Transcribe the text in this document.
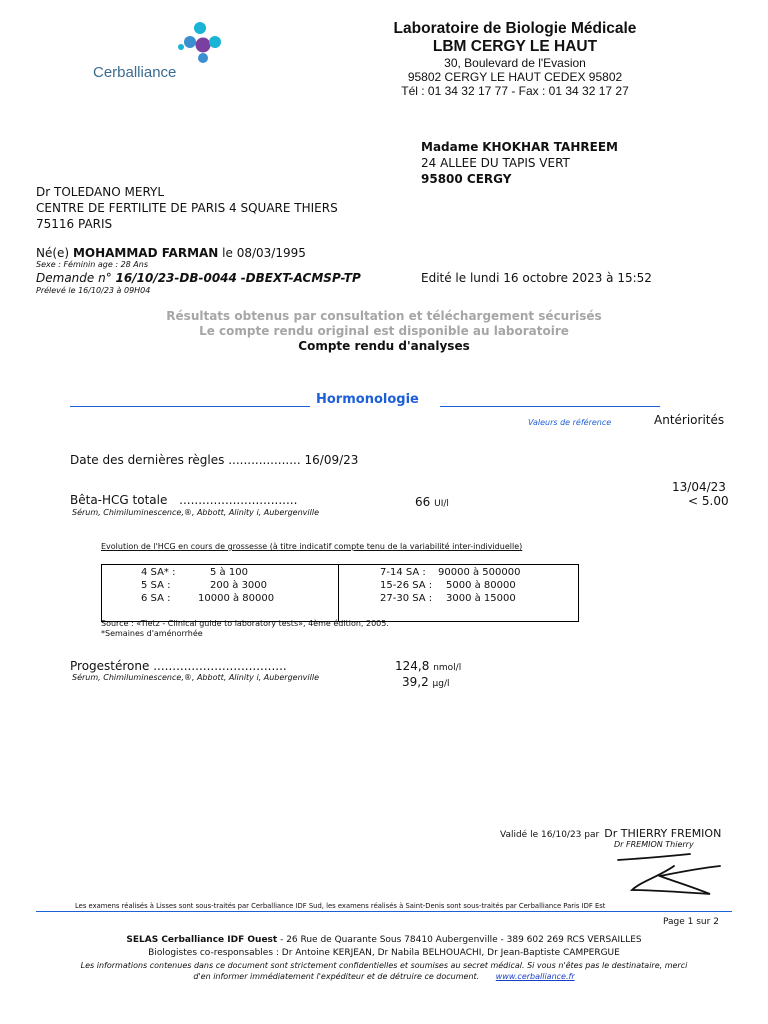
Cerballiance
Laboratoire de Biologie Médicale
LBM CERGY LE HAUT
30, Boulevard de l'Evasion
95802 CERGY LE HAUT CEDEX 95802
Tél : 01 34 32 17 77 - Fax : 01 34 32 17 27
Madame KHOKHAR TAHREEM
24 ALLEE DU TAPIS VERT
95800 CERGY
Dr TOLEDANO MERYL
CENTRE DE FERTILITE DE PARIS 4 SQUARE THIERS
75116 PARIS
Né(e) MOHAMMAD FARMAN le 08/03/1995
Sexe : Féminin age : 28 Ans
Demande n° 16/10/23-DB-0044 -DBEXT-ACMSP-TP	Edité le lundi 16 octobre 2023 à 15:52
Prélevé le 16/10/23 à 09H04
Résultats obtenus par consultation et téléchargement sécurisés
Le compte rendu original est disponible au laboratoire
Compte rendu d'analyses
Hormonologie
Valeurs de référence	Antériorités
Date des dernières règles ................... 16/09/23
13/04/23
Bêta-HCG totale ...............................	66 UI/l	< 5.00
Sérum, Chimiluminescence,®, Abbott, Alinity i, Aubergenville
Evolution de l'HCG en cours de grossesse (à titre indicatif compte tenu de la variabilité inter-individuelle)
4 SA* :	5 à 100
5 SA :	200 à 3000
6 SA :	10000 à 80000
7-14 SA : 90000 à 500000
15-26 SA : 5000 à 80000
27-30 SA : 3000 à 15000
Source : «Tietz - Clinical guide to laboratory tests», 4ème édition, 2005.
*Semaines d'aménorrhée
Progestérone ...................................	124,8 nmol/l
Sérum, Chimiluminescence,®, Abbott, Alinity i, Aubergenville	39,2 µg/l
Validé le 16/10/23 par Dr THIERRY FREMION
Dr FREMION Thierry
Les examens réalisés à Lisses sont sous-traités par Cerballiance IDF Sud, les examens réalisés à Saint-Denis sont sous-traités par Cerballiance Paris IDF Est
Page 1 sur 2
SELAS Cerballiance IDF Ouest - 26 Rue de Quarante Sous 78410 Aubergenville - 389 602 269 RCS VERSAILLES
Biologistes co-responsables : Dr Antoine KERJEAN, Dr Nabila BELHOUACHI, Dr Jean-Baptiste CAMPERGUE
Les informations contenues dans ce document sont strictement confidentielles et soumises au secret médical. Si vous n'êtes pas le destinataire, merci
d'en informer immédiatement l'expéditeur et de détruire ce document. www.cerballiance.fr
